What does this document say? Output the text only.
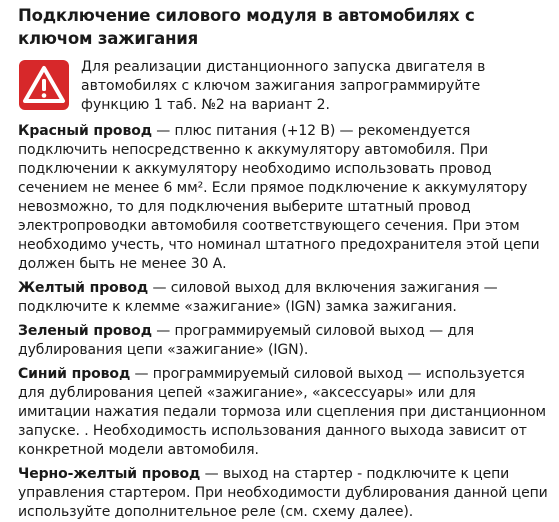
Подключение силового модуля в автомобилях с ключом зажигания
Для реализации дистанционного запуска двигателя в автомобилях с ключом зажигания запрограммируйте функцию 1 таб. №2 на вариант 2.

Красный провод — плюс питания (+12 В) — рекомендуется подключить непосредственно к аккумулятору автомобиля. При подключении к аккумулятору необходимо использовать провод сечением не менее 6 мм². Если прямое подключение к аккумулятору невозможно, то для подключения выберите штатный провод электропроводки автомобиля соответствующего сечения. При этом необходимо учесть, что номинал штатного предохранителя этой цепи должен быть не менее 30 А.

Желтый провод — силовой выход для включения зажигания — подключите к клемме «зажигание» (IGN) замка зажигания.

Зеленый провод — программируемый силовой выход — для дублирования цепи «зажигание» (IGN).

Синий провод — программируемый силовой выход — используется для дублирования цепей «зажигание», «аксессуары» или для имитации нажатия педали тормоза или сцепления при дистанционном запуске. . Необходимость использования данного выхода зависит от конкретной модели автомобиля.

Черно-желтый провод — выход на стартер - подключите к цепи управления стартером. При необходимости дублирования данной цепи используйте дополнительное реле (см. схему далее).
